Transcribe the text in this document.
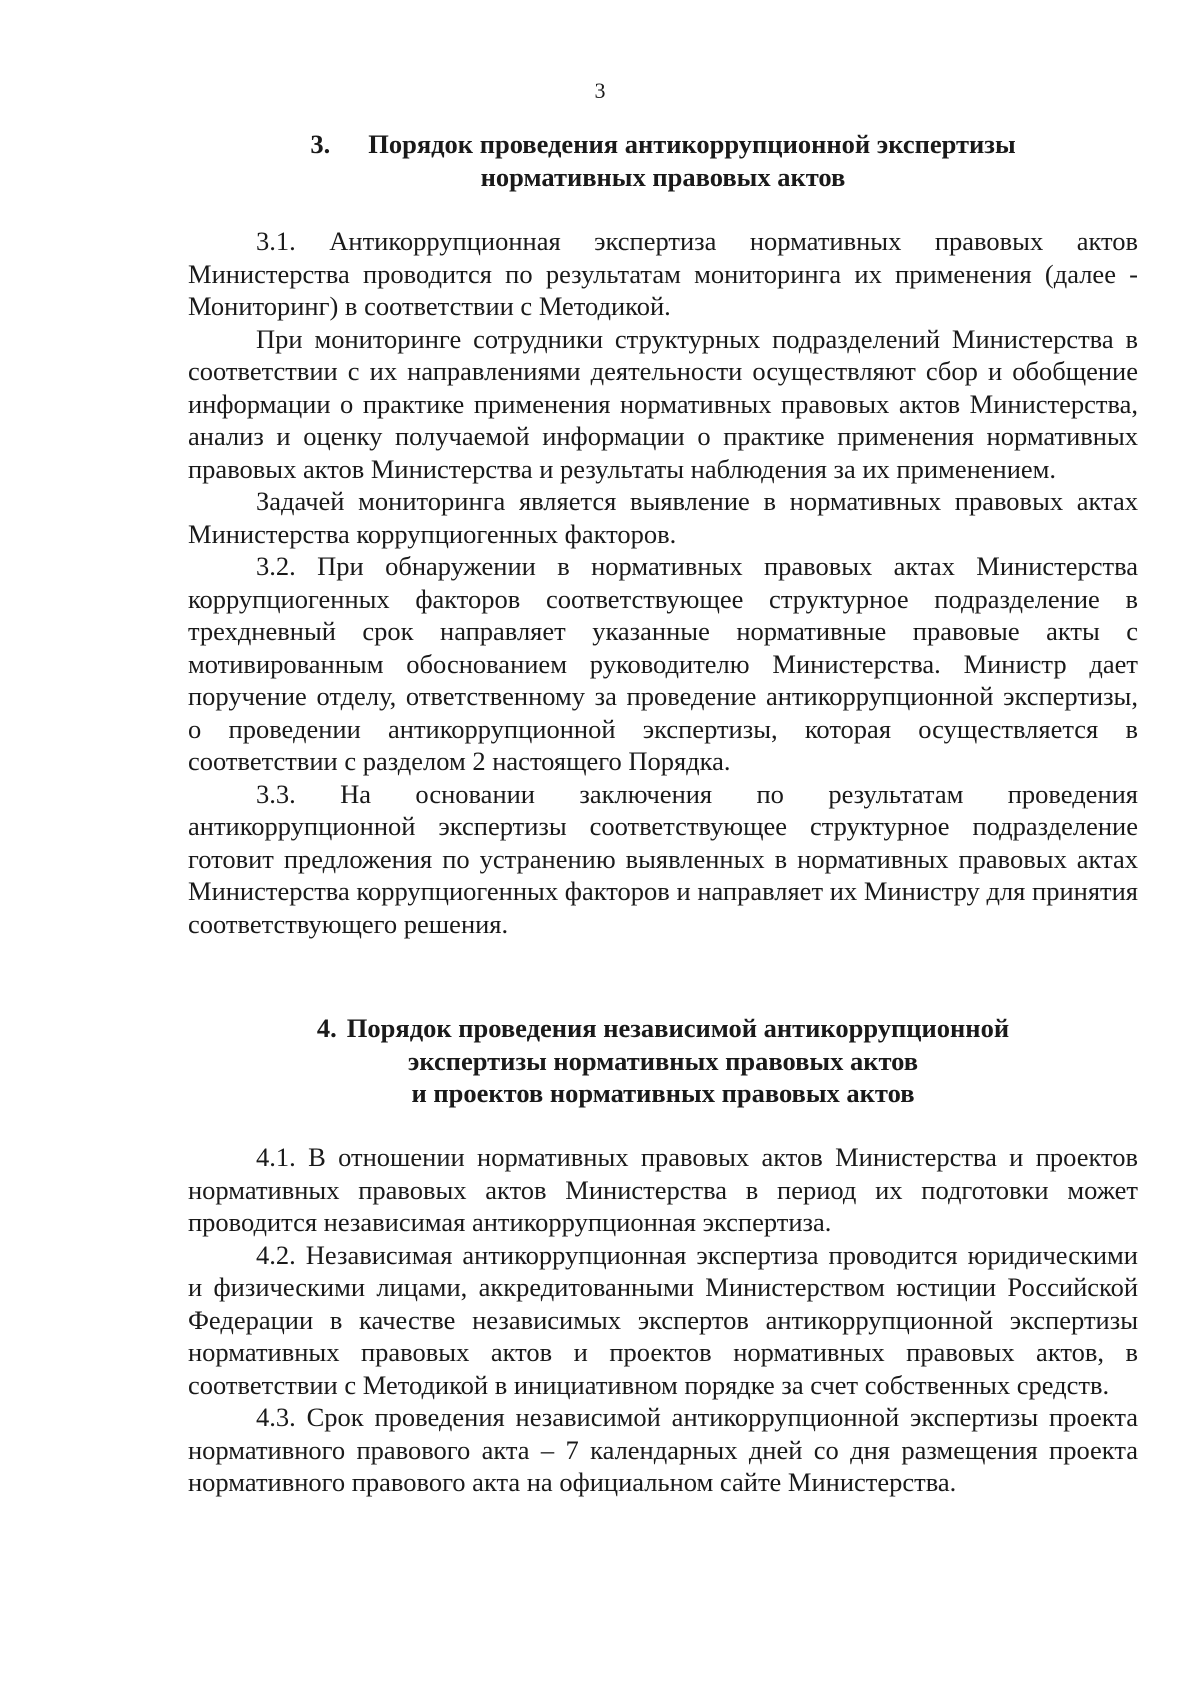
3
3. Порядок проведения антикоррупционной экспертизы
нормативных правовых актов

3.1. Антикоррупционная экспертиза нормативных правовых актов Министерства проводится по результатам мониторинга их применения (далее - Мониторинг) в соответствии с Методикой.

При мониторинге сотрудники структурных подразделений Министерства в соответствии с их направлениями деятельности осуществляют сбор и обобщение информации о практике применения нормативных правовых актов Министерства, анализ и оценку получаемой информации о практике применения нормативных правовых актов Министерства и результаты наблюдения за их применением.

Задачей мониторинга является выявление в нормативных правовых актах Министерства коррупциогенных факторов.

3.2. При обнаружении в нормативных правовых актах Министерства коррупциогенных факторов соответствующее структурное подразделение в трехдневный срок направляет указанные нормативные правовые акты с мотивированным обоснованием руководителю Министерства. Министр дает поручение отделу, ответственному за проведение антикоррупционной экспертизы, о проведении антикоррупционной экспертизы, которая осуществляется в соответствии с разделом 2 настоящего Порядка.

3.3. На основании заключения по результатам проведения антикоррупционной экспертизы соответствующее структурное подразделение готовит предложения по устранению выявленных в нормативных правовых актах Министерства коррупциогенных факторов и направляет их Министру для принятия соответствующего решения.

4. Порядок проведения независимой антикоррупционной
экспертизы нормативных правовых актов
и проектов нормативных правовых актов

4.1. В отношении нормативных правовых актов Министерства и проектов нормативных правовых актов Министерства в период их подготовки может проводится независимая антикоррупционная экспертиза.

4.2. Независимая антикоррупционная экспертиза проводится юридическими и физическими лицами, аккредитованными Министерством юстиции Российской Федерации в качестве независимых экспертов антикоррупционной экспертизы нормативных правовых актов и проектов нормативных правовых актов, в соответствии с Методикой в инициативном порядке за счет собственных средств.

4.3. Срок проведения независимой антикоррупционной экспертизы проекта нормативного правового акта – 7 календарных дней со дня размещения проекта нормативного правового акта на официальном сайте Министерства.
